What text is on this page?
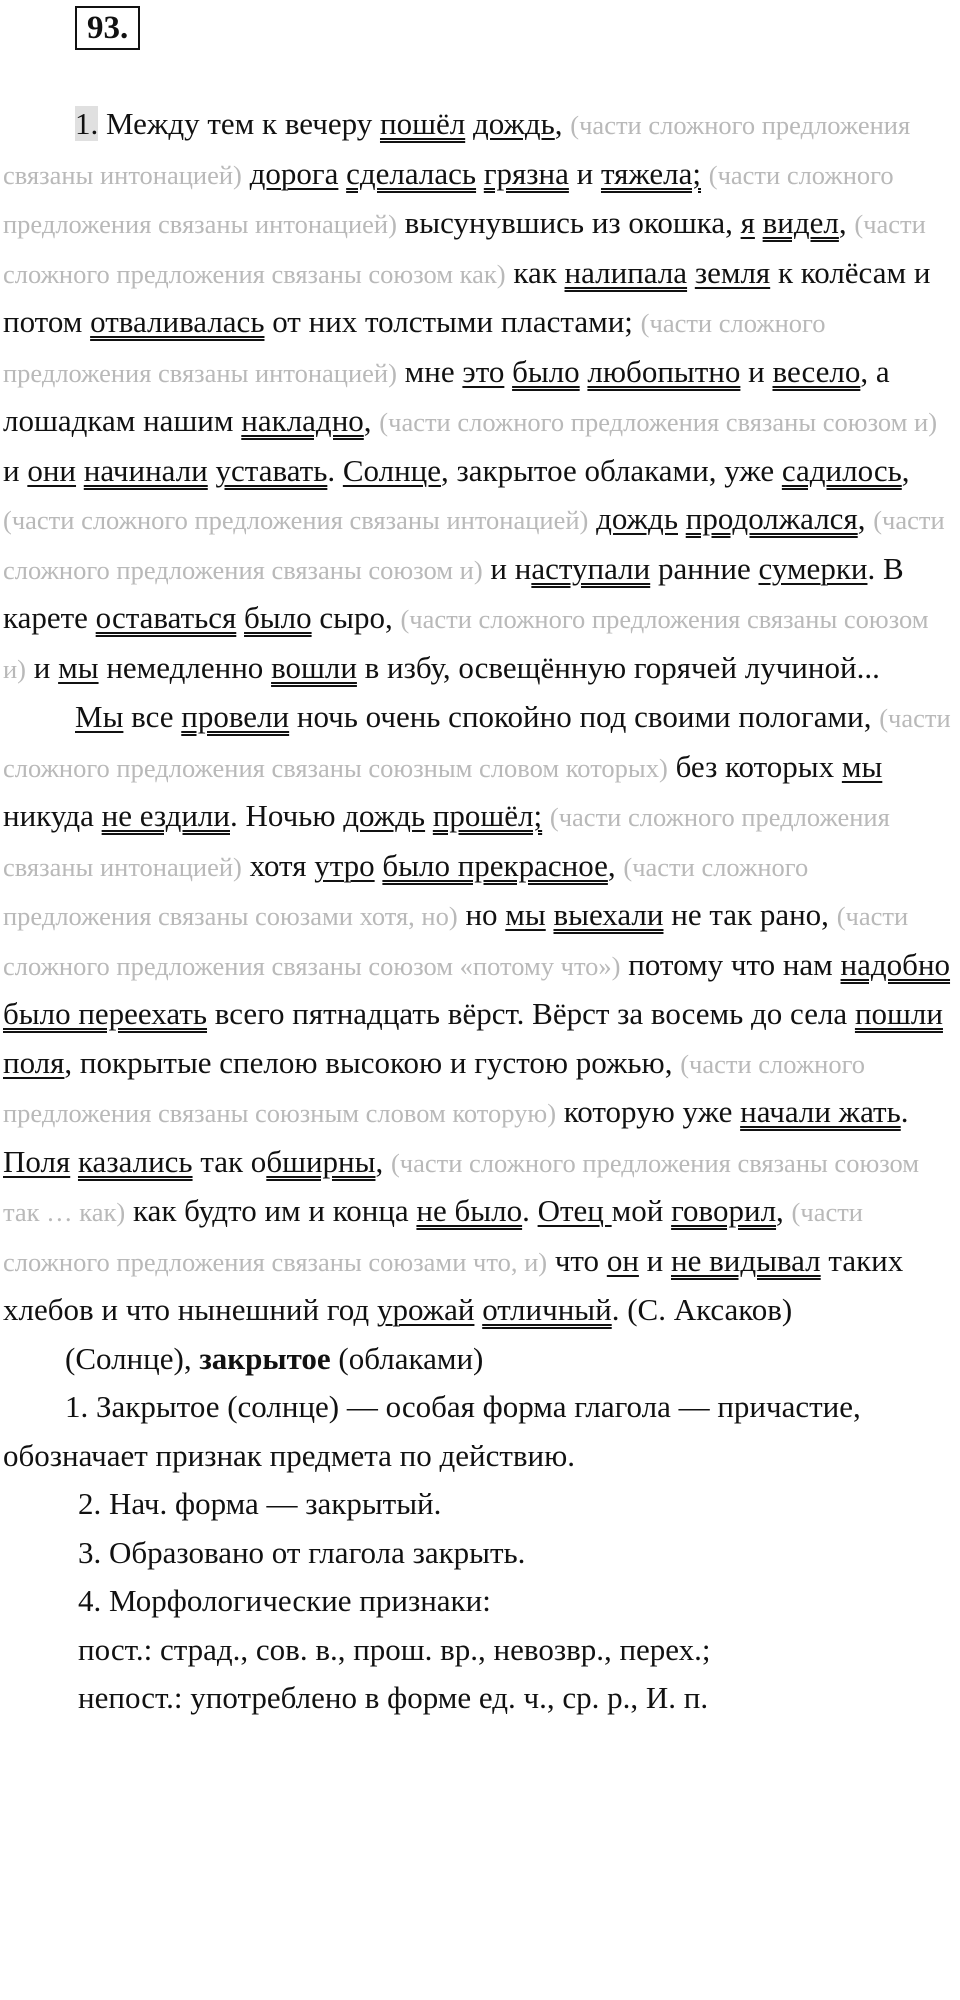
93.

1. Между тем к вечеру пошёл дождь, (части сложного предложения связаны интонацией) дорога сделалась грязна и тяжела; (части сложного предложения связаны интонацией) высунувшись из окошка, я видел, (части сложного предложения связаны союзом как) как налипала земля к колёсам и потом отваливалась от них толстыми пластами; (части сложного предложения связаны интонацией) мне это было любопытно и весело, а лошадкам нашим накладно, (части сложного предложения связаны союзом и) и они начинали уставать. Солнце, закрытое облаками, уже садилось, (части сложного предложения связаны интонацией) дождь продолжался, (части сложного предложения связаны союзом и) и наступали ранние сумерки. В карете оставаться было сыро, (части сложного предложения связаны союзом и) и мы немедленно вошли в избу, освещённую горячей лучиной...

Мы все провели ночь очень спокойно под своими пологами, (части сложного предложения связаны союзным словом которых) без которых мы никуда не ездили. Ночью дождь прошёл; (части сложного предложения связаны интонацией) хотя утро было прекрасное, (части сложного предложения связаны союзами хотя, но) но мы выехали не так рано, (части сложного предложения связаны союзом «потому что») потому что нам надобно было переехать всего пятнадцать вёрст. Вёрст за восемь до села пошли поля, покрытые спелою высокою и густою рожью, (части сложного предложения связаны союзным словом которую) которую уже начали жать. Поля казались так обширны, (части сложного предложения связаны союзом так … как) как будто им и конца не было. Отец мой говорил, (части сложного предложения связаны союзами что, и) что он и не видывал таких хлебов и что нынешний год урожай отличный. (С. Аксаков)

(Солнце), закрытое (облаками)

1. Закрытое (солнце) — особая форма глагола — причастие, обозначает признак предмета по действию.

2. Нач. форма — закрытый.

3. Образовано от глагола закрыть.

4. Морфологические признаки:

пост.: страд., сов. в., прош. вр., невозвр., перех.;

непост.: употреблено в форме ед. ч., ср. р., И. п.
